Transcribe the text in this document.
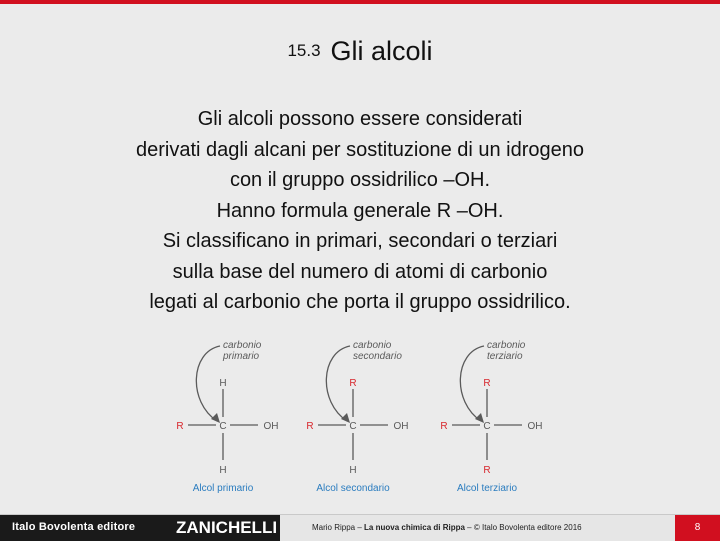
15.3 Gli alcoli

Gli alcoli possono essere considerati

derivati dagli alcani per sostituzione di un idrogeno

con il gruppo ossidrilico –OH.

Hanno formula generale R –OH.

Si classificano in primari, secondari o terziari

sulla base del numero di atomi di carbonio

legati al carbonio che porta il gruppo ossidrilico.

carbonio
primario
H
C
R	OH
H
Alcol primario
carbonio
secondario
R
C
R	OH
H
Alcol secondario
carbonio
terziario
R
C
R	OH
R
Alcol terziario
Italo Bovolenta editore ZANICHELLI	Mario Rippa – La nuova chimica di Rippa – © Italo Bovolenta editore 2016	8
